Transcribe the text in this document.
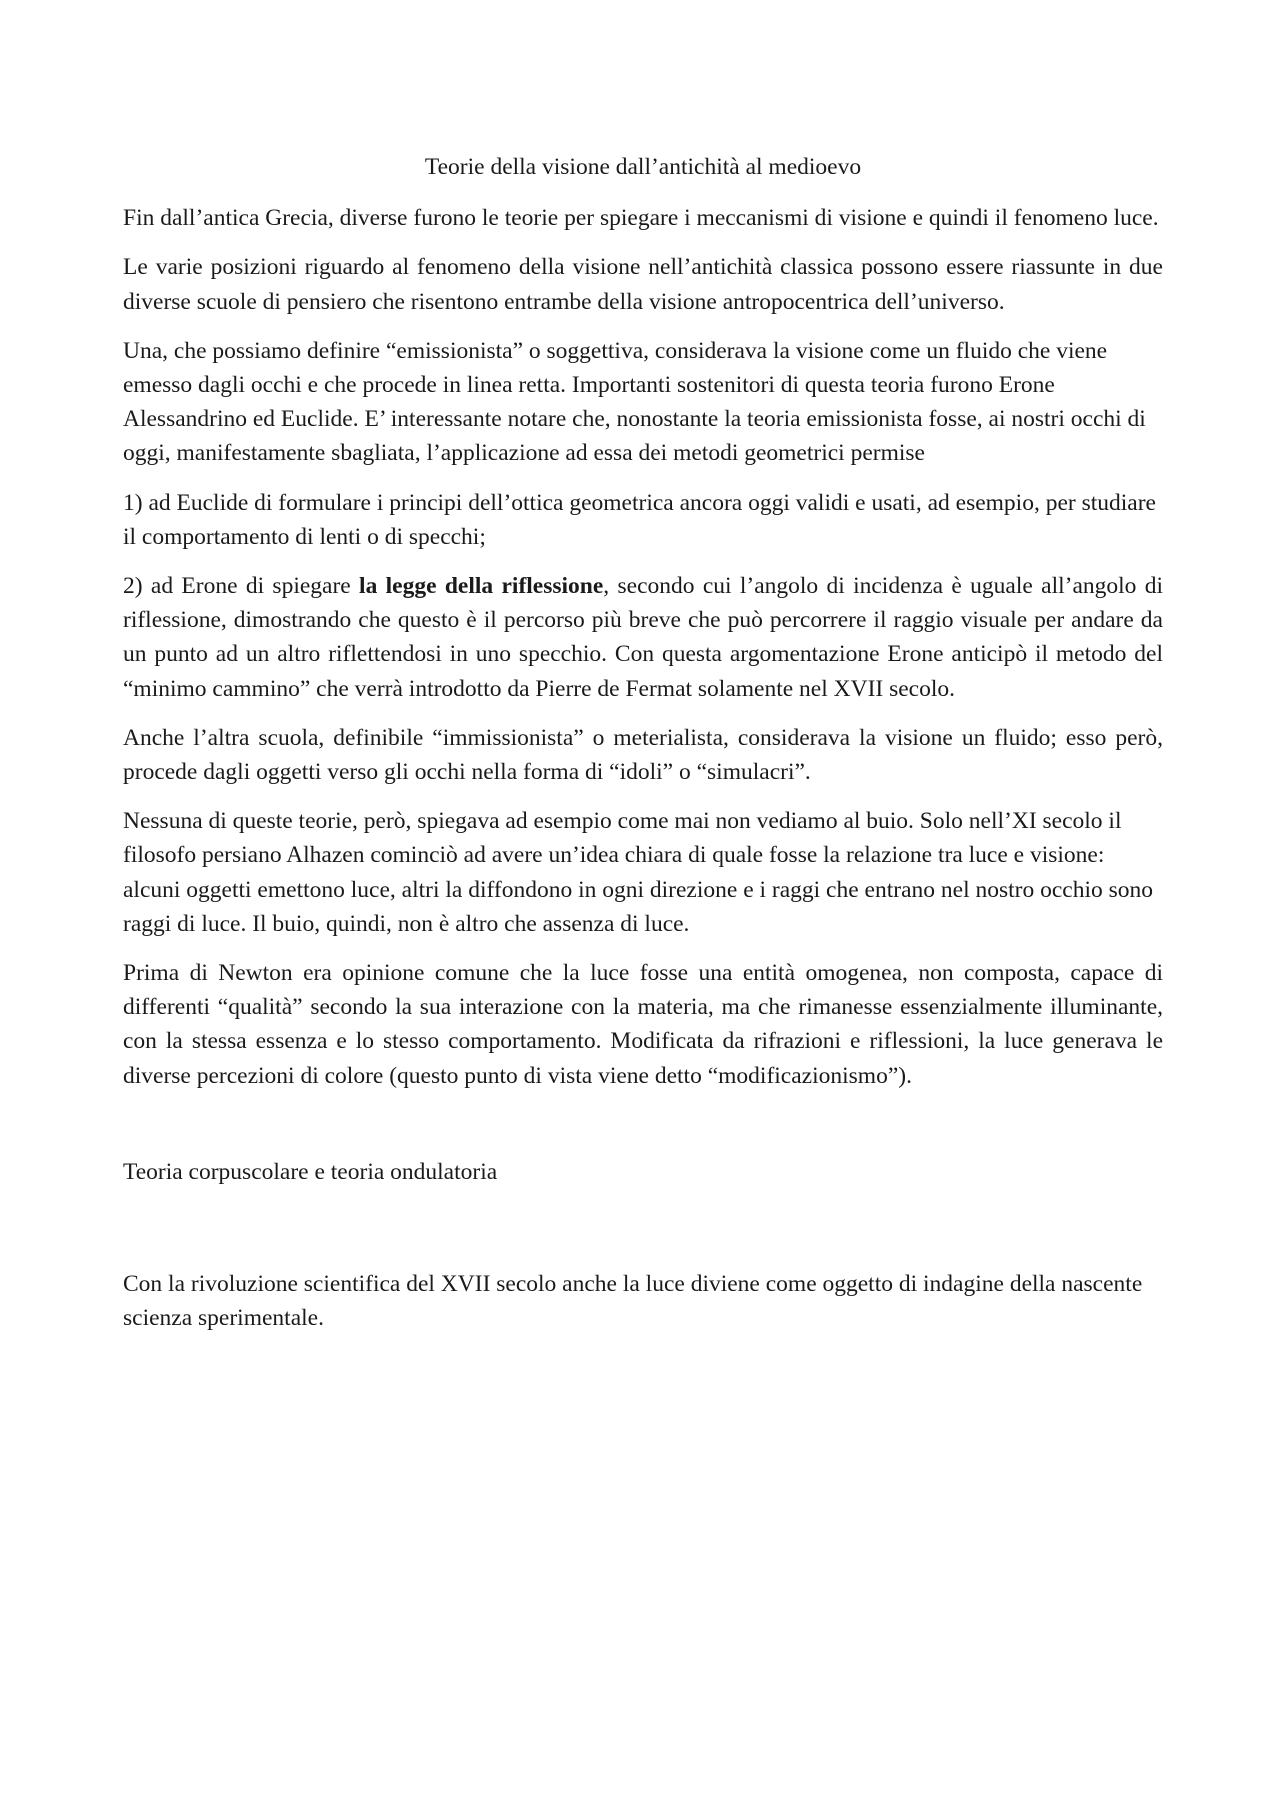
Teorie della visione dall’antichità al medioevo

Fin dall’antica Grecia, diverse furono le teorie per spiegare i meccanismi di visione e quindi il fenomeno luce.

Le varie posizioni riguardo al fenomeno della visione nell’antichità classica possono essere riassunte in due diverse scuole di pensiero che risentono entrambe della visione antropocentrica dell’universo.

Una, che possiamo definire “emissionista” o soggettiva, considerava la visione come un fluido che viene emesso dagli occhi e che procede in linea retta. Importanti sostenitori di questa teoria furono Erone Alessandrino ed Euclide. E’ interessante notare che, nonostante la teoria emissionista fosse, ai nostri occhi di oggi, manifestamente sbagliata, l’applicazione ad essa dei metodi geometrici permise

1) ad Euclide di formulare i principi dell’ottica geometrica ancora oggi validi e usati, ad esempio, per studiare il comportamento di lenti o di specchi;

2) ad Erone di spiegare la legge della riflessione, secondo cui l’angolo di incidenza è uguale all’angolo di riflessione, dimostrando che questo è il percorso più breve che può percorrere il raggio visuale per andare da un punto ad un altro riflettendosi in uno specchio. Con questa argomentazione Erone anticipò il metodo del “minimo cammino” che verrà introdotto da Pierre de Fermat solamente nel XVII secolo.

Anche l’altra scuola, definibile “immissionista” o meterialista, considerava la visione un fluido; esso però, procede dagli oggetti verso gli occhi nella forma di “idoli” o “simulacri”.

Nessuna di queste teorie, però, spiegava ad esempio come mai non vediamo al buio. Solo nell’XI secolo il filosofo persiano Alhazen cominciò ad avere un’idea chiara di quale fosse la relazione tra luce e visione: alcuni oggetti emettono luce, altri la diffondono in ogni direzione e i raggi che entrano nel nostro occhio sono raggi di luce. Il buio, quindi, non è altro che assenza di luce.

Prima di Newton era opinione comune che la luce fosse una entità omogenea, non composta, capace di differenti “qualità” secondo la sua interazione con la materia, ma che rimanesse essenzialmente illuminante, con la stessa essenza e lo stesso comportamento. Modificata da rifrazioni e riflessioni, la luce generava le diverse percezioni di colore (questo punto di vista viene detto “modificazionismo”).

Teoria corpuscolare e teoria ondulatoria

Con la rivoluzione scientifica del XVII secolo anche la luce diviene come oggetto di indagine della nascente scienza sperimentale.
